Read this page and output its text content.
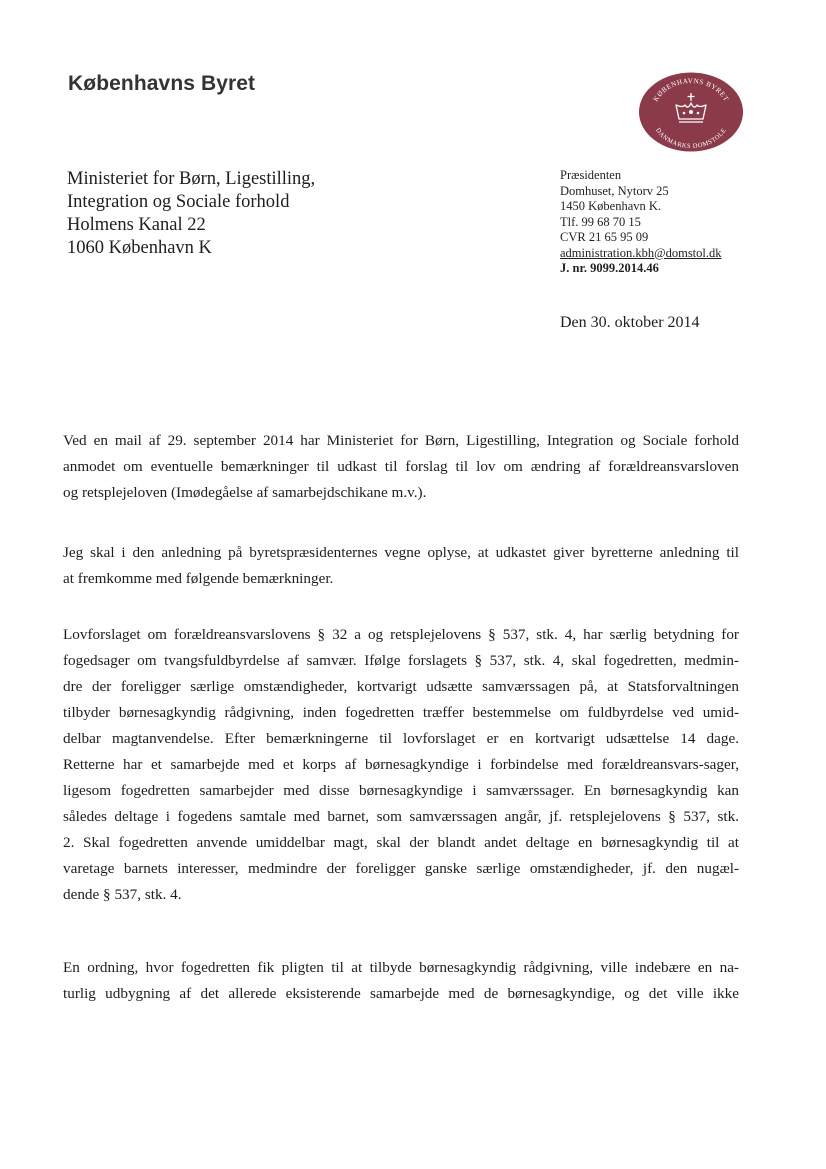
Københavns Byret
KØBENHAVNS BYRET
DANMARKS DOMSTOLE
Ministeriet for Børn, Ligestilling,
Integration og Sociale forhold
Holmens Kanal 22
1060 København K
Præsidenten
Domhuset, Nytorv 25
1450 København K.
Tlf. 99 68 70 15
CVR 21 65 95 09
administration.kbh@domstol.dk
J. nr. 9099.2014.46
Den 30. oktober 2014
Ved en mail af 29. september 2014 har Ministeriet for Børn, Ligestilling, Integration og Sociale forhold
anmodet om eventuelle bemærkninger til udkast til forslag til lov om ændring af forældreansvarsloven
og retsplejeloven (Imødegåelse af samarbejdschikane m.v.).
Jeg skal i den anledning på byretspræsidenternes vegne oplyse, at udkastet giver byretterne anledning til
at fremkomme med følgende bemærkninger.
Lovforslaget om forældreansvarslovens § 32 a og retsplejelovens § 537, stk. 4, har særlig betydning for
fogedsager om tvangsfuldbyrdelse af samvær. Ifølge forslagets § 537, stk. 4, skal fogedretten, medmin-
dre der foreligger særlige omstændigheder, kortvarigt udsætte samværssagen på, at Statsforvaltningen
tilbyder børnesagkyndig rådgivning, inden fogedretten træffer bestemmelse om fuldbyrdelse ved umid-
delbar magtanvendelse. Efter bemærkningerne til lovforslaget er en kortvarigt udsættelse 14 dage.
Retterne har et samarbejde med et korps af børnesagkyndige i forbindelse med forældreansvars-sager,
ligesom fogedretten samarbejder med disse børnesagkyndige i samværssager. En børnesagkyndig kan
således deltage i fogedens samtale med barnet, som samværssagen angår, jf. retsplejelovens § 537, stk.
2. Skal fogedretten anvende umiddelbar magt, skal der blandt andet deltage en børnesagkyndig til at
varetage barnets interesser, medmindre der foreligger ganske særlige omstændigheder, jf. den nugæl-
dende § 537, stk. 4.
En ordning, hvor fogedretten fik pligten til at tilbyde børnesagkyndig rådgivning, ville indebære en na-
turlig udbygning af det allerede eksisterende samarbejde med de børnesagkyndige, og det ville ikke
